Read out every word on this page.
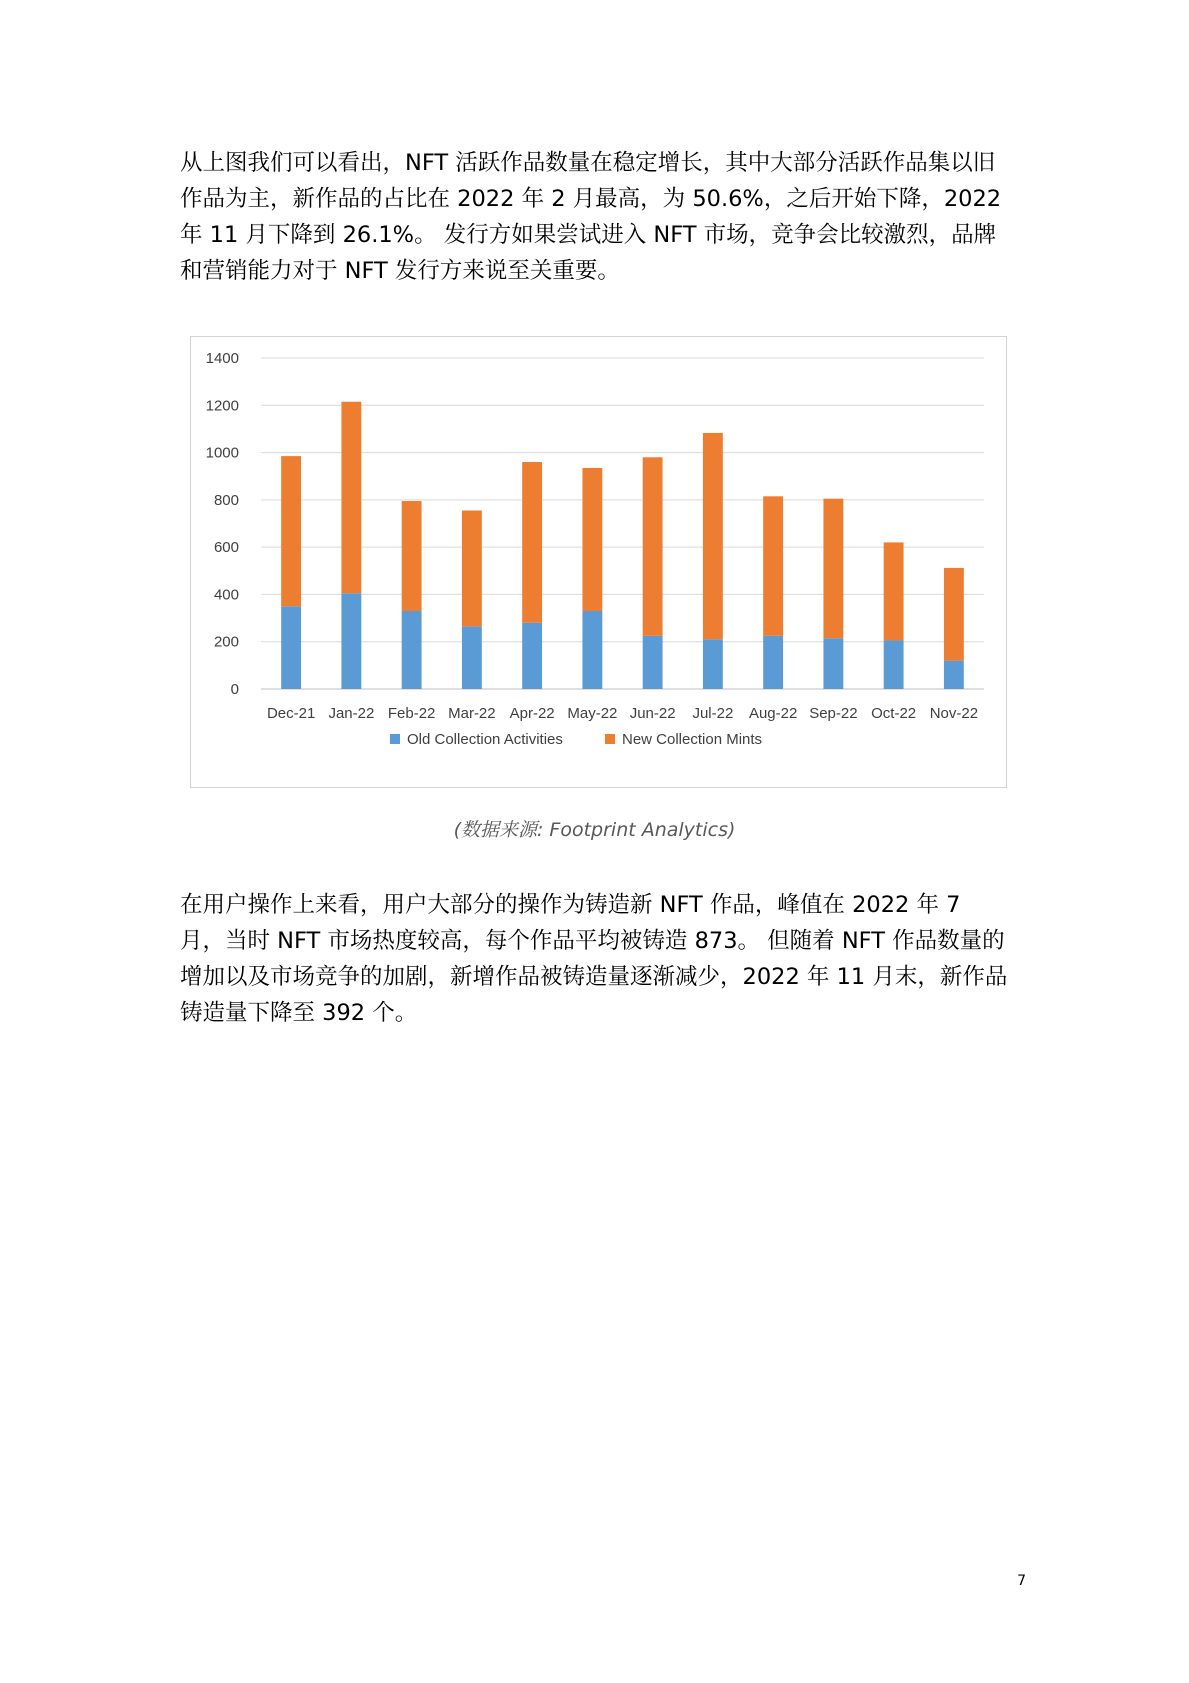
从上图我们可以看出，NFT 活跃作品数量在稳定增长，其中大部分活跃作品集以旧作品为主，新作品的占比在 2022 年 2 月最高，为 50.6%，之后开始下降，2022 年 11 月下降到 26.1%。 发行方如果尝试进入 NFT 市场，竞争会比较激烈，品牌和营销能力对于 NFT 发行方来说至关重要。

0
200
400
600
800
1000
1200
1400
Dec-21 Jan-22 Feb-22 Mar-22 Apr-22 May-22 Jun-22 Jul-22 Aug-22 Sep-22 Oct-22 Nov-22
Old Collection Activities	New Collection Mints
(数据来源: Footprint Analytics)

在用户操作上来看，用户大部分的操作为铸造新 NFT 作品，峰值在 2022 年 7 月，当时 NFT 市场热度较高，每个作品平均被铸造 873。 但随着 NFT 作品数量的增加以及市场竞争的加剧，新增作品被铸造量逐渐减少，2022 年 11 月末，新作品铸造量下降至 392 个。

7
